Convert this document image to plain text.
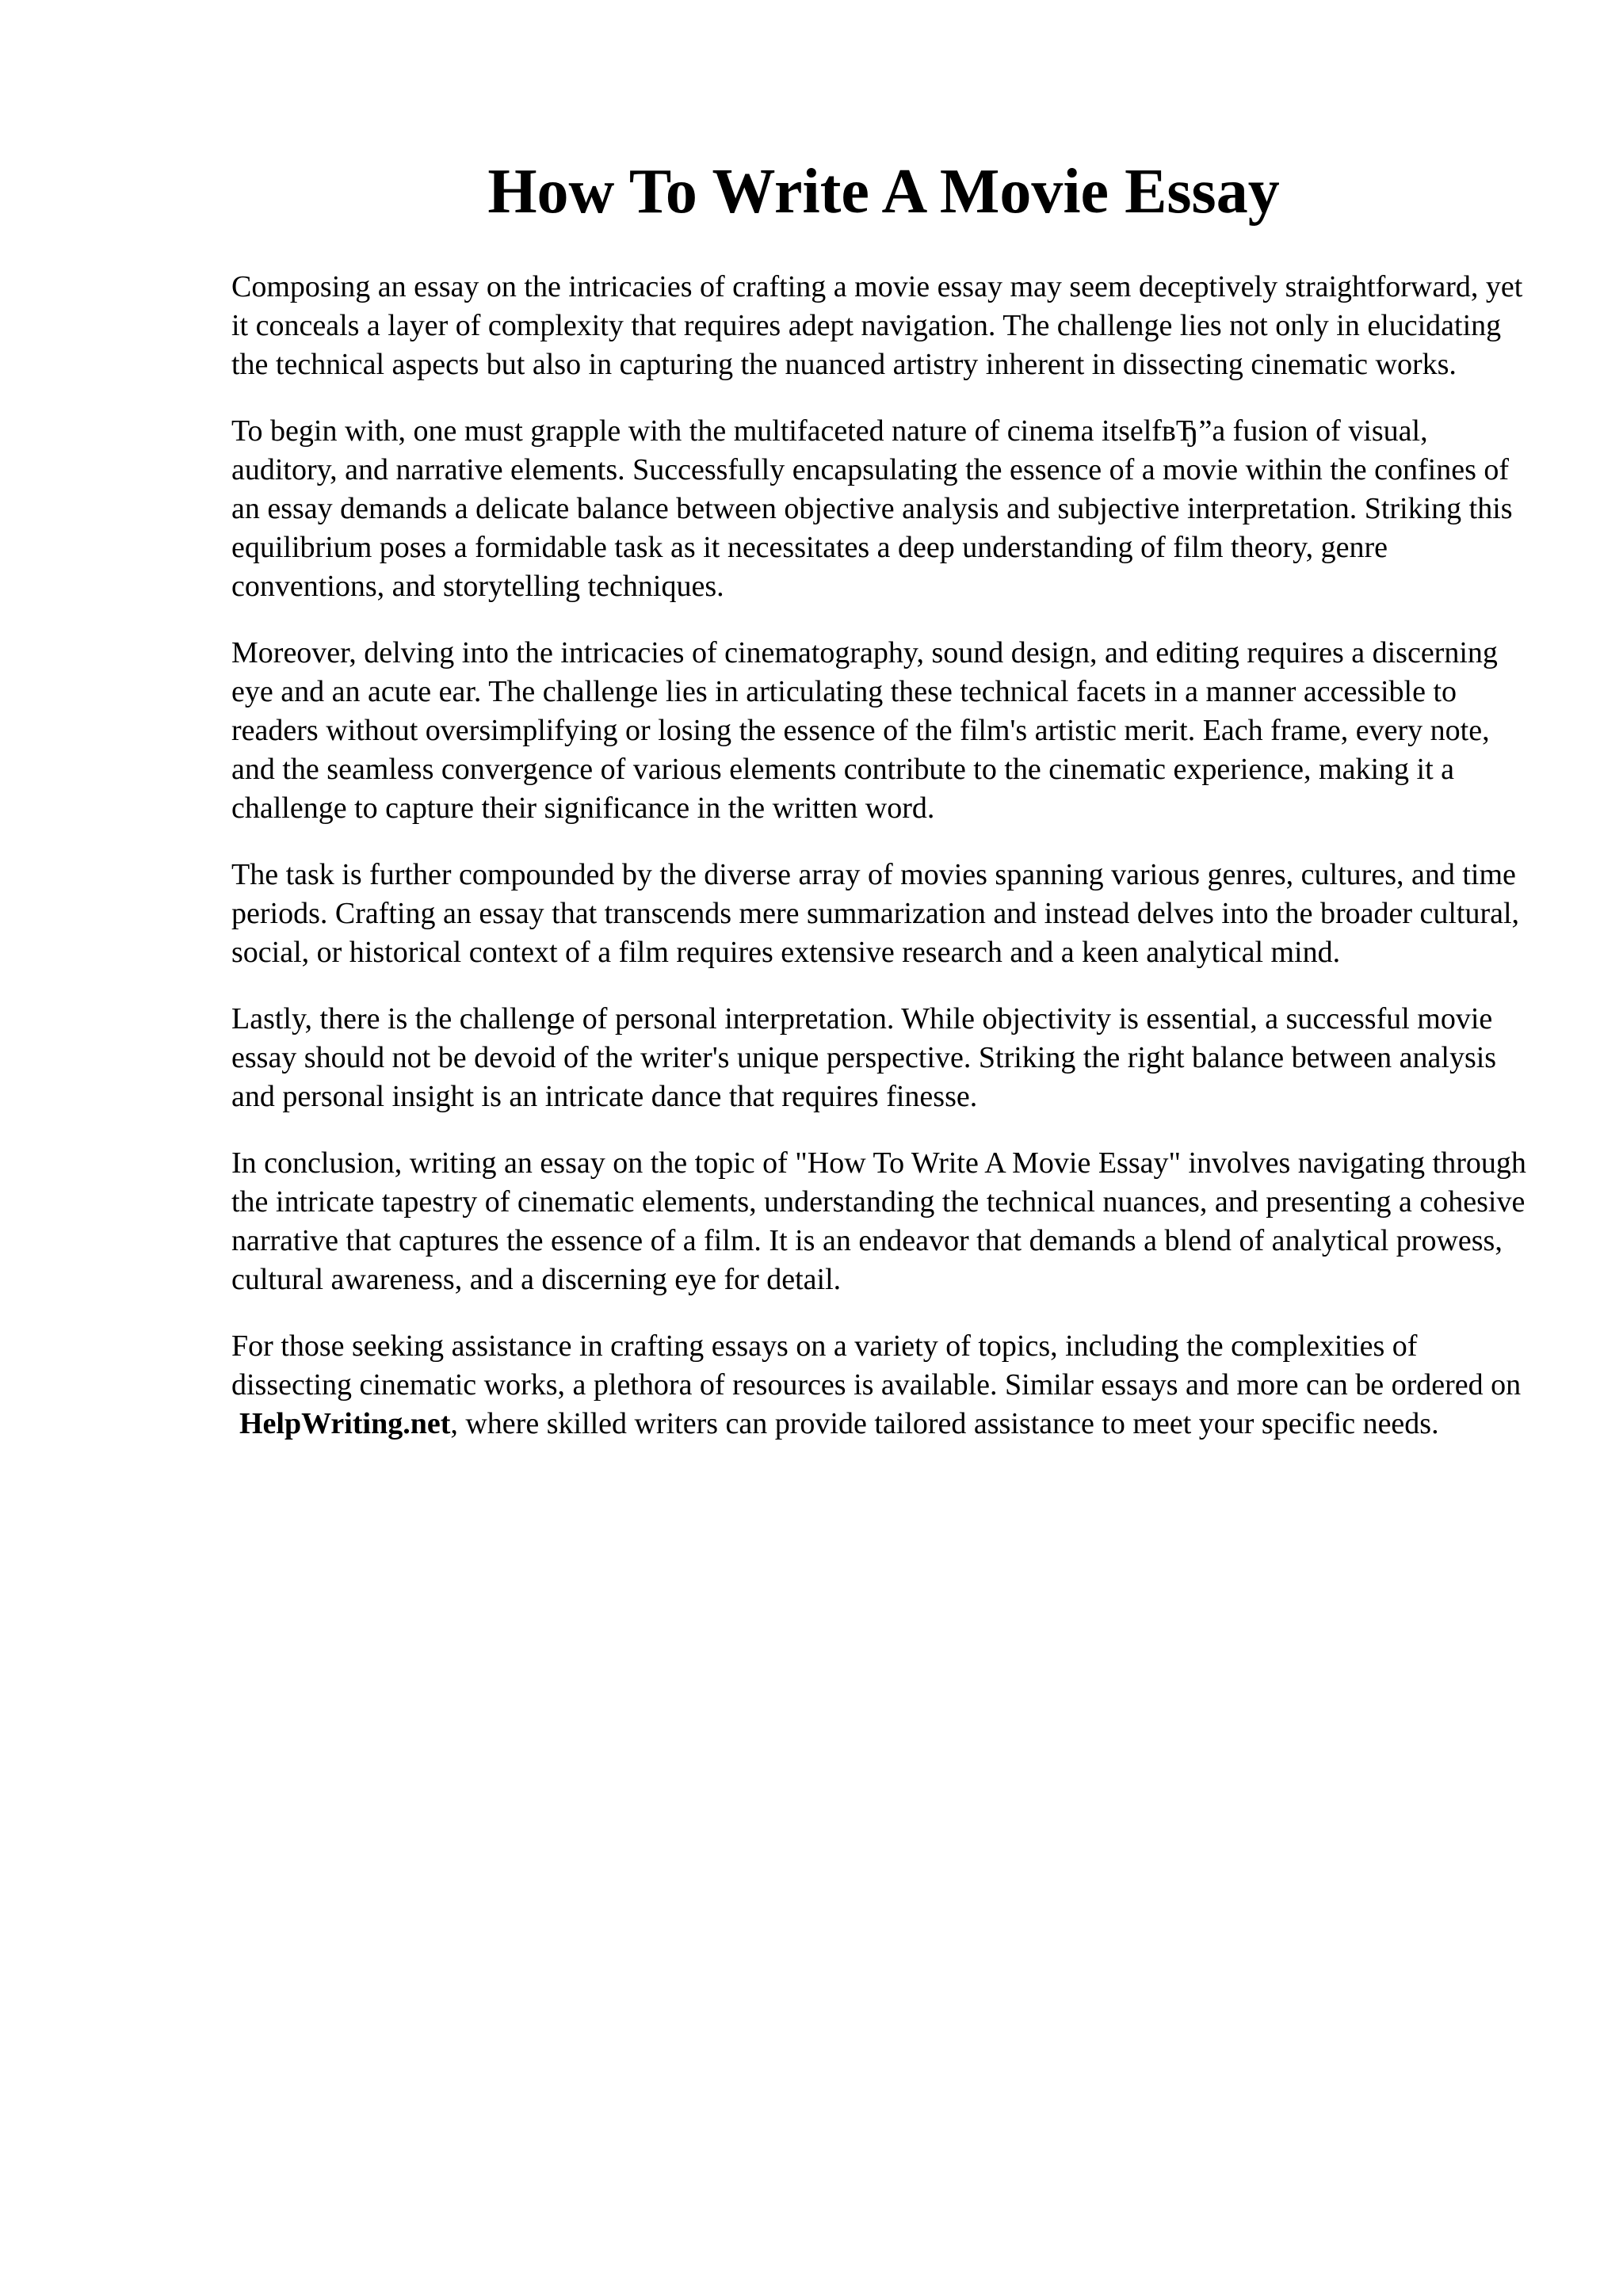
How To Write A Movie Essay

Composing an essay on the intricacies of crafting a movie essay may seem deceptively straightforward, yet it conceals a layer of complexity that requires adept navigation. The challenge lies not only in elucidating the technical aspects but also in capturing the nuanced artistry inherent in dissecting cinematic works.

To begin with, one must grapple with the multifaceted nature of cinema itselfвЂ”a fusion of visual, auditory, and narrative elements. Successfully encapsulating the essence of a movie within the confines of an essay demands a delicate balance between objective analysis and subjective interpretation. Striking this equilibrium poses a formidable task as it necessitates a deep understanding of film theory, genre conventions, and storytelling techniques.

Moreover, delving into the intricacies of cinematography, sound design, and editing requires a discerning eye and an acute ear. The challenge lies in articulating these technical facets in a manner accessible to readers without oversimplifying or losing the essence of the film's artistic merit. Each frame, every note, and the seamless convergence of various elements contribute to the cinematic experience, making it a challenge to capture their significance in the written word.

The task is further compounded by the diverse array of movies spanning various genres, cultures, and time periods. Crafting an essay that transcends mere summarization and instead delves into the broader cultural, social, or historical context of a film requires extensive research and a keen analytical mind.

Lastly, there is the challenge of personal interpretation. While objectivity is essential, a successful movie essay should not be devoid of the writer's unique perspective. Striking the right balance between analysis and personal insight is an intricate dance that requires finesse.

In conclusion, writing an essay on the topic of "How To Write A Movie Essay" involves navigating through the intricate tapestry of cinematic elements, understanding the technical nuances, and presenting a cohesive narrative that captures the essence of a film. It is an endeavor that demands a blend of analytical prowess, cultural awareness, and a discerning eye for detail.

For those seeking assistance in crafting essays on a variety of topics, including the complexities of dissecting cinematic works, a plethora of resources is available. Similar essays and more can be ordered on HelpWriting.net, where skilled writers can provide tailored assistance to meet your specific needs.
